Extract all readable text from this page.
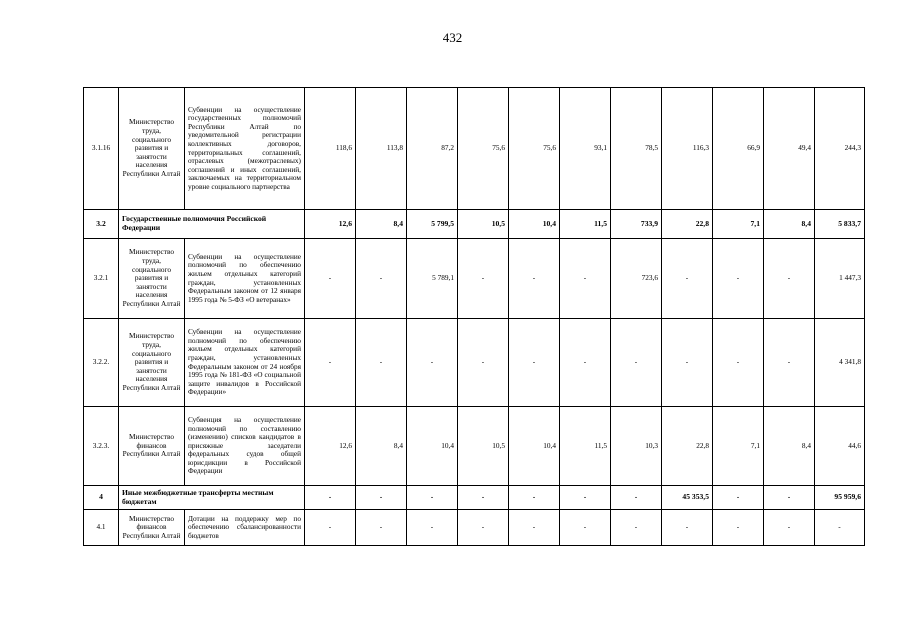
432
3.1.16	Министерство труда, социального развития и занятости населения Республики Алтай	Субвенции на осуществление государственных полномочий Республики Алтай по уведомительной регистрации коллективных договоров, территориальных соглашений, отраслевых (межотраслевых) соглашений и иных соглашений, заключаемых на территориальном уровне социального партнерства	118,6	113,8	87,2	75,6	75,6	93,1	78,5	116,3	66,9	49,4	244,3
3.2	Государственные полномочия Российской Федерации		12,6	8,4	5 799,5	10,5	10,4	11,5	733,9	22,8	7,1	8,4	5 833,7
3.2.1	Министерство труда, социального развития и занятости населения Республики Алтай	Субвенции на осуществление полномочий по обеспечению жильем отдельных категорий граждан, установленных Федеральным законом от 12 января 1995 года № 5-ФЗ «О ветеранах»	-	-	5 789,1	-	-	-	723,6	-	-	-	1 447,3
3.2.2.	Министерство труда, социального развития и занятости населения Республики Алтай	Субвенции на осуществление полномочий по обеспечению жильем отдельных категорий граждан, установленных Федеральным законом от 24 ноября 1995 года № 181-ФЗ «О социальной защите инвалидов в Российской Федерации»	-	-	-	-	-	-	-	-	-	-	4 341,8
3.2.3.	Министерство финансов Республики Алтай	Субвенция на осуществление полномочий по составлению (изменению) списков кандидатов в присяжные заседатели федеральных судов общей юрисдикции в Российской Федерации	12,6	8,4	10,4	10,5	10,4	11,5	10,3	22,8	7,1	8,4	44,6
4	Иные межбюджетные трансферты местным бюджетам		-	-	-	-	-	-	-	45 353,5	-	-	95 959,6
4.1	Министерство финансов Республики Алтай	Дотации на поддержку мер по обеспечению сбалансированности бюджетов	-	-	-	-	-	-	-	-	-	-	-
